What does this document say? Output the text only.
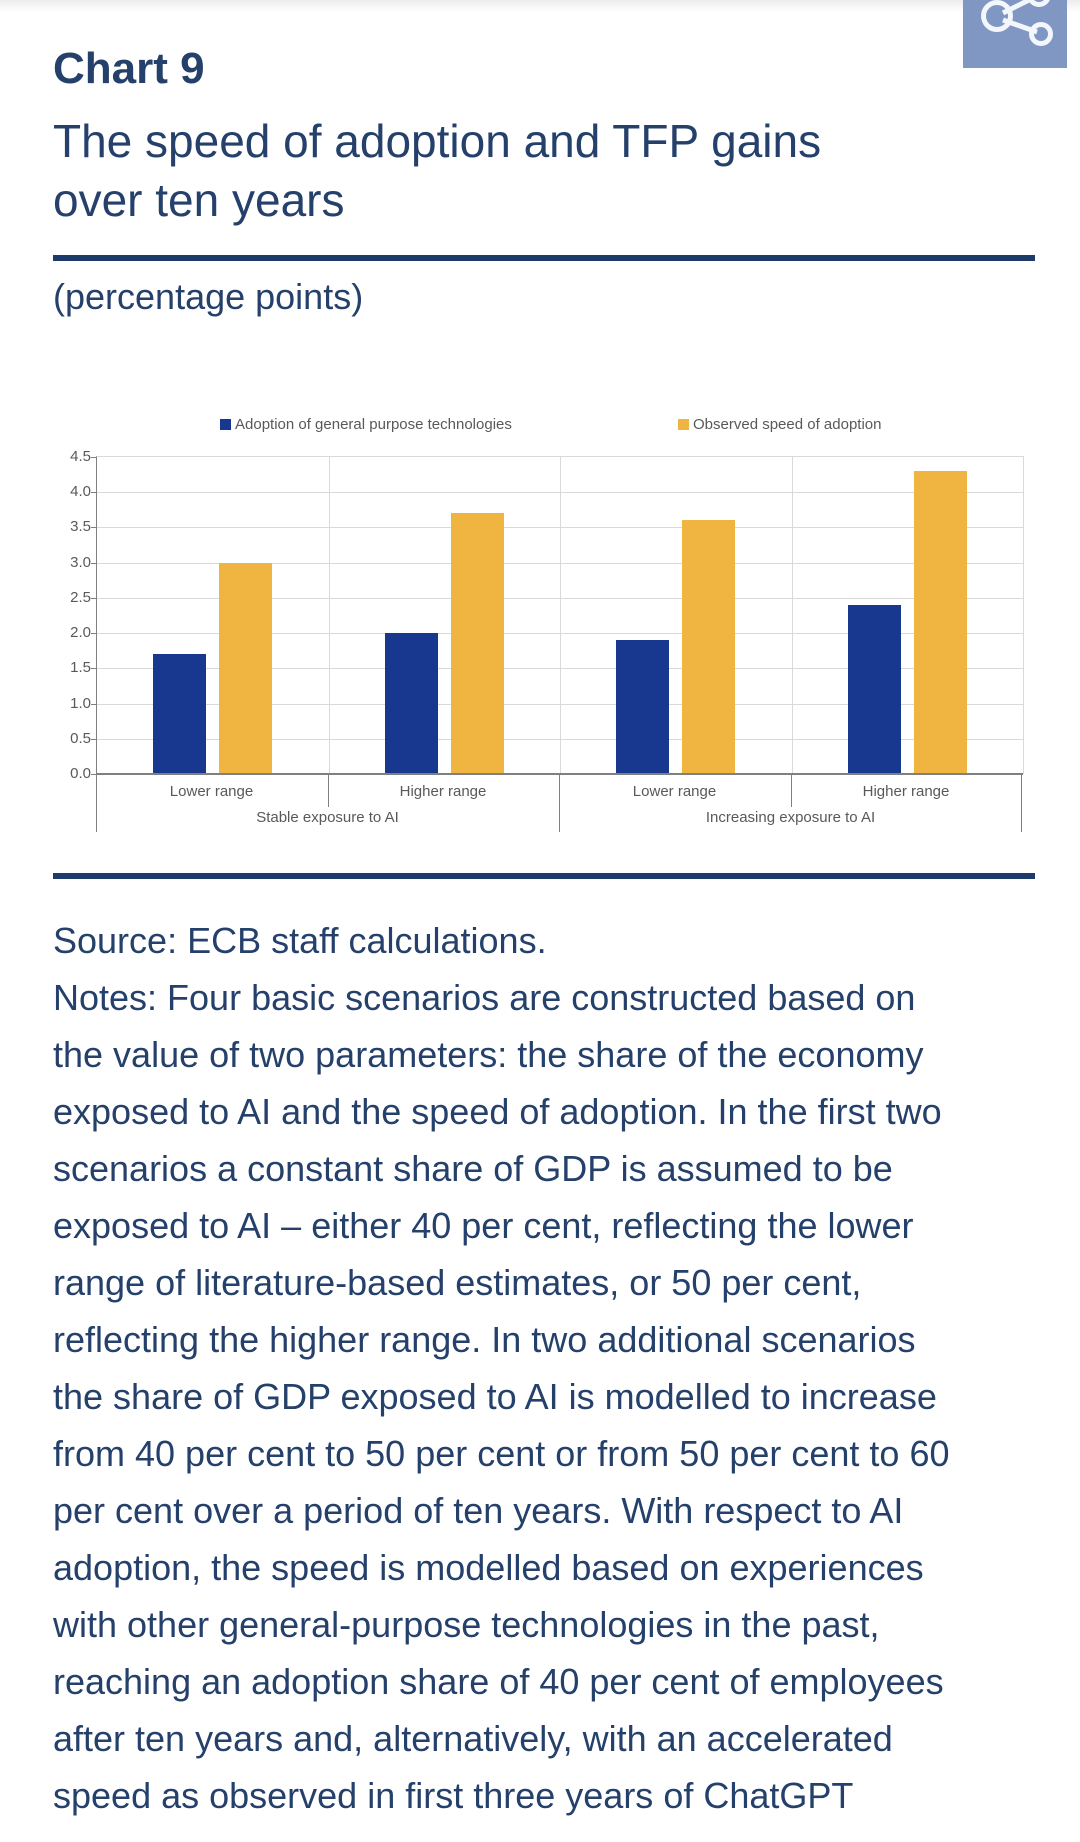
Chart 9
The speed of adoption and TFP gains
over ten years
(percentage points)
Adoption of general purpose technologies	Observed speed of adoption
0.0
0.5
1.0
1.5
2.0
2.5
3.0
3.5
4.0
4.5
Lower range	Higher range	Lower range	Higher range
Stable exposure to AI	Increasing exposure to AI
Source: ECB staff calculations.
Notes: Four basic scenarios are constructed based on
the value of two parameters: the share of the economy
exposed to AI and the speed of adoption. In the first two
scenarios a constant share of GDP is assumed to be
exposed to AI – either 40 per cent, reflecting the lower
range of literature-based estimates, or 50 per cent,
reflecting the higher range. In two additional scenarios
the share of GDP exposed to AI is modelled to increase
from 40 per cent to 50 per cent or from 50 per cent to 60
per cent over a period of ten years. With respect to AI
adoption, the speed is modelled based on experiences
with other general-purpose technologies in the past,
reaching an adoption share of 40 per cent of employees
after ten years and, alternatively, with an accelerated
speed as observed in first three years of ChatGPT
